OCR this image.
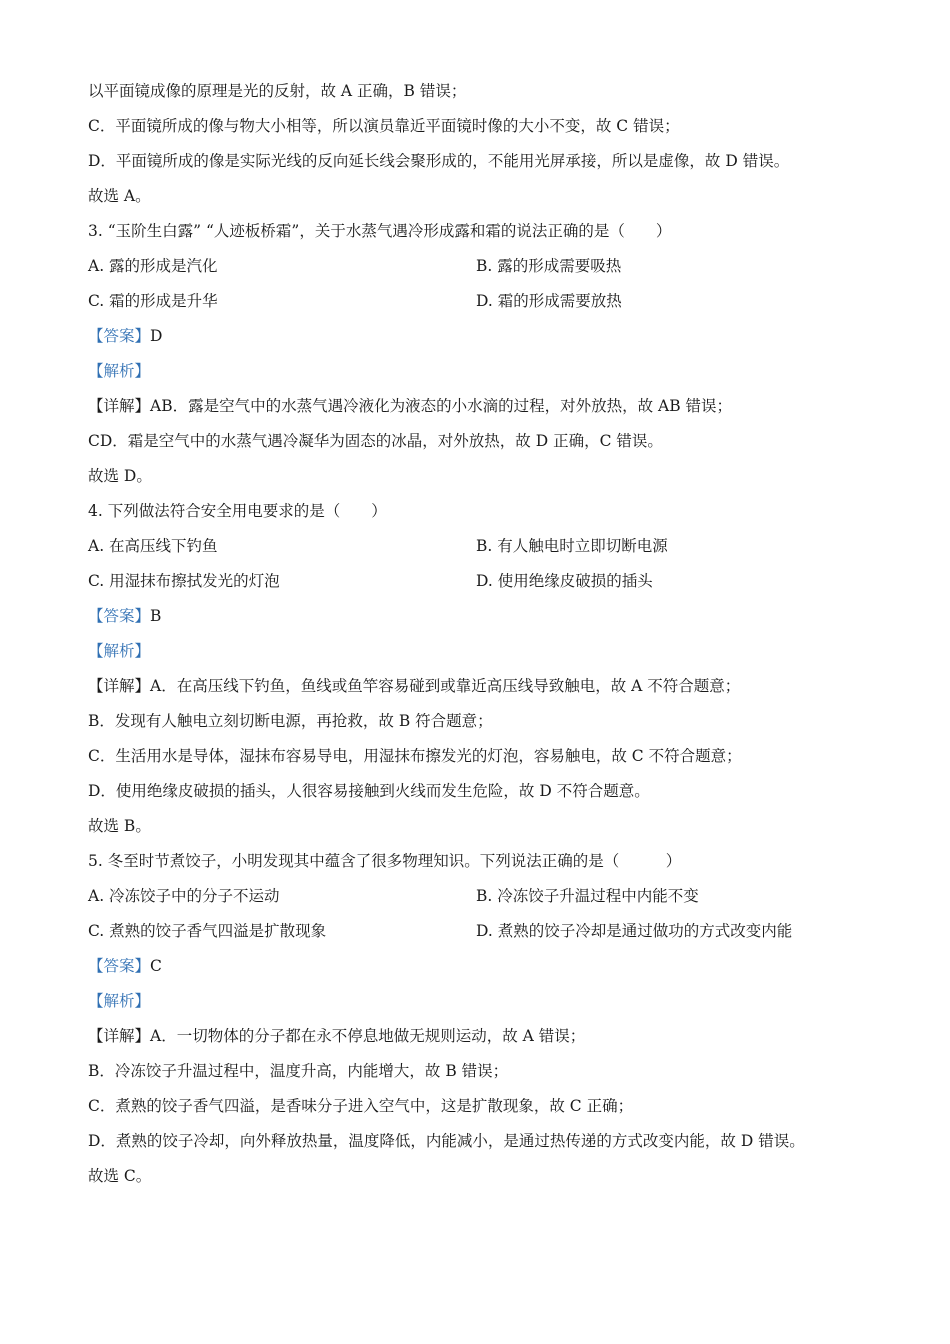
以平面镜成像的原理是光的反射，故 A 正确，B 错误；
C．平面镜所成的像与物大小相等，所以演员靠近平面镜时像的大小不变，故 C 错误；
D．平面镜所成的像是实际光线的反向延长线会聚形成的，不能用光屏承接，所以是虚像，故 D 错误。
故选 A。
3. “玉阶生白露” “人迹板桥霜”，关于水蒸气遇冷形成露和霜的说法正确的是（　　）
A. 露的形成是汽化	B. 露的形成需要吸热
C. 霜的形成是升华	D. 霜的形成需要放热
【答案】D
【解析】
【详解】AB．露是空气中的水蒸气遇冷液化为液态的小水滴的过程，对外放热，故 AB 错误；
CD．霜是空气中的水蒸气遇冷凝华为固态的冰晶，对外放热，故 D 正确，C 错误。
故选 D。
4. 下列做法符合安全用电要求的是（　　）
A. 在高压线下钓鱼	B. 有人触电时立即切断电源
C. 用湿抹布擦拭发光的灯泡	D. 使用绝缘皮破损的插头
【答案】B
【解析】
【详解】A．在高压线下钓鱼，鱼线或鱼竿容易碰到或靠近高压线导致触电，故 A 不符合题意；
B．发现有人触电立刻切断电源，再抢救，故 B 符合题意；
C．生活用水是导体，湿抹布容易导电，用湿抹布擦发光的灯泡，容易触电，故 C 不符合题意；
D．使用绝缘皮破损的插头，人很容易接触到火线而发生危险，故 D 不符合题意。
故选 B。
5. 冬至时节煮饺子，小明发现其中蕴含了很多物理知识。下列说法正确的是（　　　）
A. 冷冻饺子中的分子不运动	B. 冷冻饺子升温过程中内能不变
C. 煮熟的饺子香气四溢是扩散现象	D. 煮熟的饺子冷却是通过做功的方式改变内能
【答案】C
【解析】
【详解】A．一切物体的分子都在永不停息地做无规则运动，故 A 错误；
B．冷冻饺子升温过程中，温度升高，内能增大，故 B 错误；
C．煮熟的饺子香气四溢，是香味分子进入空气中，这是扩散现象，故 C 正确；
D．煮熟的饺子冷却，向外释放热量，温度降低，内能减小，是通过热传递的方式改变内能，故 D 错误。
故选 C。
